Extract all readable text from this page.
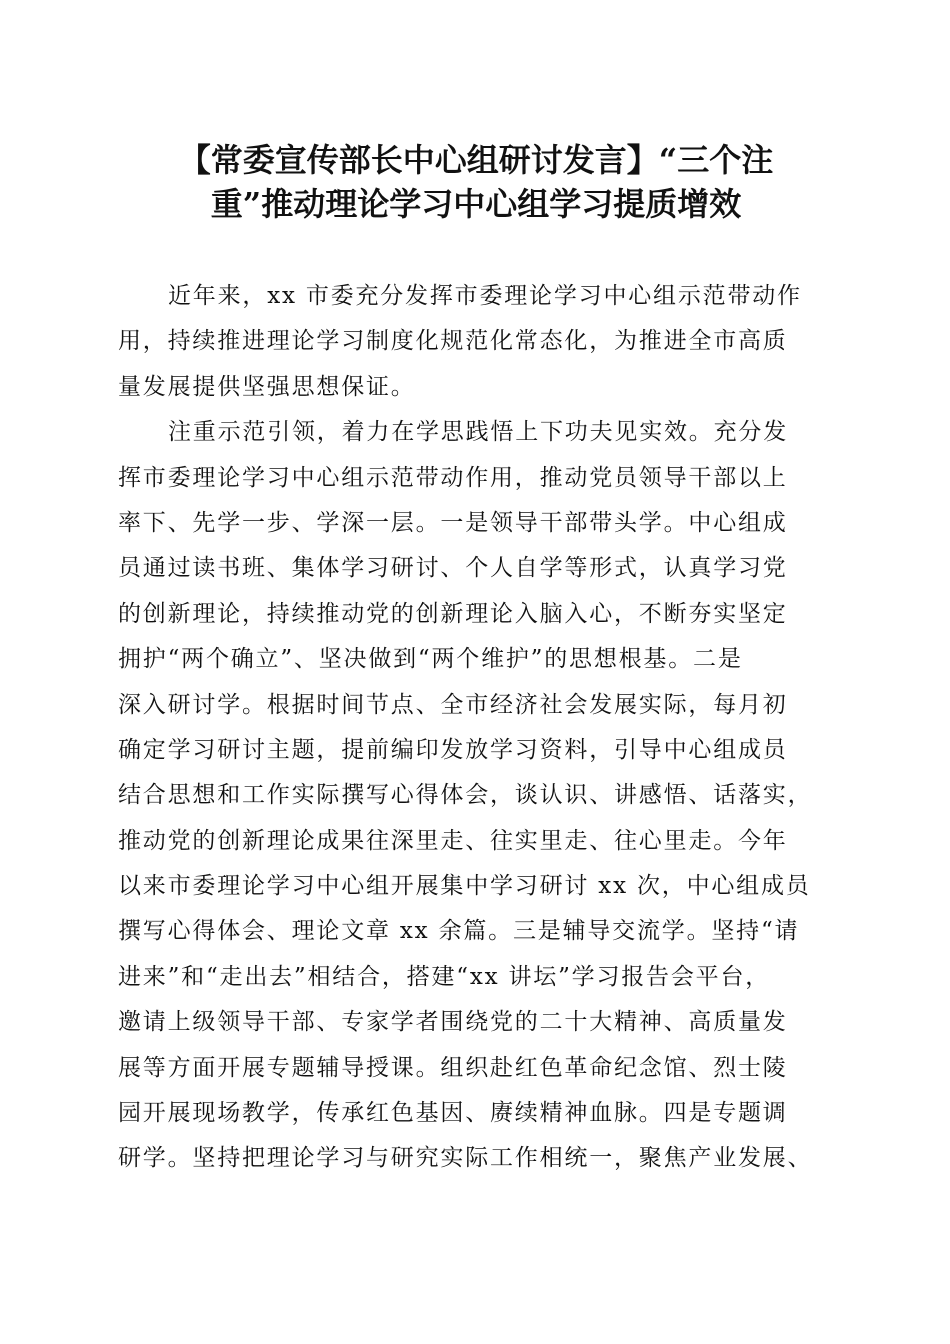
【常委宣传部长中心组研讨发言】“三个注
重”推动理论学习中心组学习提质增效
近年来，xx 市委充分发挥市委理论学习中心组示范带动作
用，持续推进理论学习制度化规范化常态化，为推进全市高质
量发展提供坚强思想保证。
注重示范引领，着力在学思践悟上下功夫见实效。充分发
挥市委理论学习中心组示范带动作用，推动党员领导干部以上
率下、先学一步、学深一层。一是领导干部带头学。中心组成
员通过读书班、集体学习研讨、个人自学等形式，认真学习党
的创新理论，持续推动党的创新理论入脑入心，不断夯实坚定
拥护“两个确立”、坚决做到“两个维护”的思想根基。二是
深入研讨学。根据时间节点、全市经济社会发展实际，每月初
确定学习研讨主题，提前编印发放学习资料，引导中心组成员
结合思想和工作实际撰写心得体会，谈认识、讲感悟、话落实，
推动党的创新理论成果往深里走、往实里走、往心里走。今年
以来市委理论学习中心组开展集中学习研讨 xx 次，中心组成员
撰写心得体会、理论文章 xx 余篇。三是辅导交流学。坚持“请
进来”和“走出去”相结合，搭建“xx 讲坛”学习报告会平台，
邀请上级领导干部、专家学者围绕党的二十大精神、高质量发
展等方面开展专题辅导授课。组织赴红色革命纪念馆、烈士陵
园开展现场教学，传承红色基因、赓续精神血脉。四是专题调
研学。坚持把理论学习与研究实际工作相统一，聚焦产业发展、
